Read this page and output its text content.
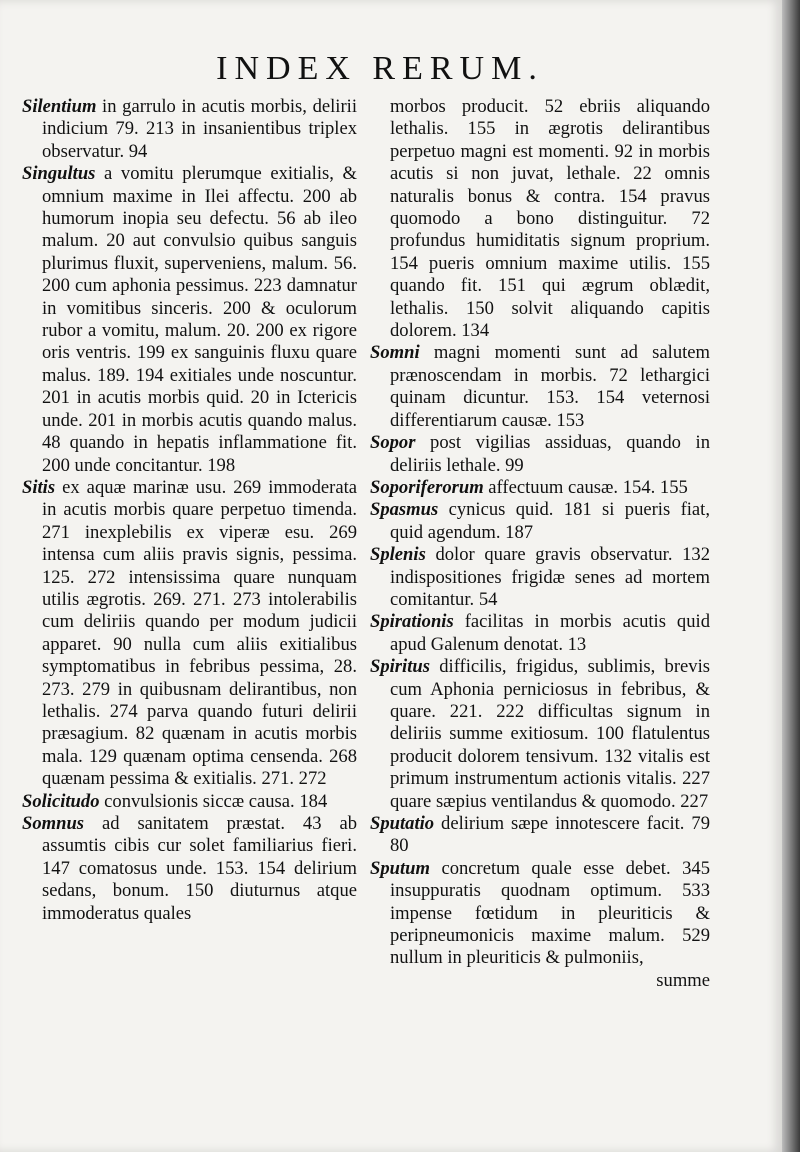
INDEX RERUM.

Silentium in garrulo in acutis morbis, delirii indicium 79. 213 in insanientibus triplex observatur. 94

Singultus a vomitu plerumque exitialis, & omnium maxime in Ilei affectu. 200 ab humorum inopia seu defectu. 56 ab ileo malum. 20 aut convulsio quibus sanguis plurimus fluxit, superveniens, malum. 56. 200 cum aphonia pessimus. 223 damnatur in vomitibus sinceris. 200 & oculorum rubor a vomitu, malum. 20. 200 ex rigore oris ventris. 199 ex sanguinis fluxu quare malus. 189. 194 exitiales unde noscuntur. 201 in acutis morbis quid. 20 in Ictericis unde. 201 in morbis acutis quando malus. 48 quando in hepatis inflammatione fit. 200 unde concitantur. 198

Sitis ex aquæ marinæ usu. 269 immoderata in acutis morbis quare perpetuo timenda. 271 inexplebilis ex viperæ esu. 269 intensa cum aliis pravis signis, pessima. 125. 272 intensissima quare nunquam utilis ægrotis. 269. 271. 273 intolerabilis cum deliriis quando per modum judicii apparet. 90 nulla cum aliis exitialibus symptomatibus in febribus pessima, 28. 273. 279 in quibusnam delirantibus, non lethalis. 274 parva quando futuri delirii præsagium. 82 quænam in acutis morbis mala. 129 quænam optima censenda. 268 quænam pessima & exitialis. 271. 272

Solicitudo convulsionis siccæ causa. 184

Somnus ad sanitatem præstat. 43 ab assumtis cibis cur solet familiarius fieri. 147 comatosus unde. 153. 154 delirium sedans, bonum. 150 diuturnus atque immoderatus quales

morbos producit. 52 ebriis aliquando lethalis. 155 in ægrotis delirantibus perpetuo magni est momenti. 92 in morbis acutis si non juvat, lethale. 22 omnis naturalis bonus & contra. 154 pravus quomodo a bono distinguitur. 72 profundus humiditatis signum proprium. 154 pueris omnium maxime utilis. 155 quando fit. 151 qui ægrum oblædit, lethalis. 150 solvit aliquando capitis dolorem. 134

Somni magni momenti sunt ad salutem prænoscendam in morbis. 72 lethargici quinam dicuntur. 153. 154 veternosi differentiarum causæ. 153

Sopor post vigilias assiduas, quando in deliriis lethale. 99

Soporiferorum affectuum causæ. 154. 155

Spasmus cynicus quid. 181 si pueris fiat, quid agendum. 187

Splenis dolor quare gravis observatur. 132 indispositiones frigidæ senes ad mortem comitantur. 54

Spirationis facilitas in morbis acutis quid apud Galenum denotat. 13

Spiritus difficilis, frigidus, sublimis, brevis cum Aphonia perniciosus in febribus, & quare. 221. 222 difficultas signum in deliriis summe exitiosum. 100 flatulentus producit dolorem tensivum. 132 vitalis est primum instrumentum actionis vitalis. 227 quare sæpius ventilandus & quomodo. 227

Sputatio delirium sæpe innotescere facit. 79 80

Sputum concretum quale esse debet. 345 insuppuratis quodnam optimum. 533 impense fœtidum in pleuriticis & peripneumonicis maxime malum. 529 nullum in pleuriticis & pulmoniis,

summe
